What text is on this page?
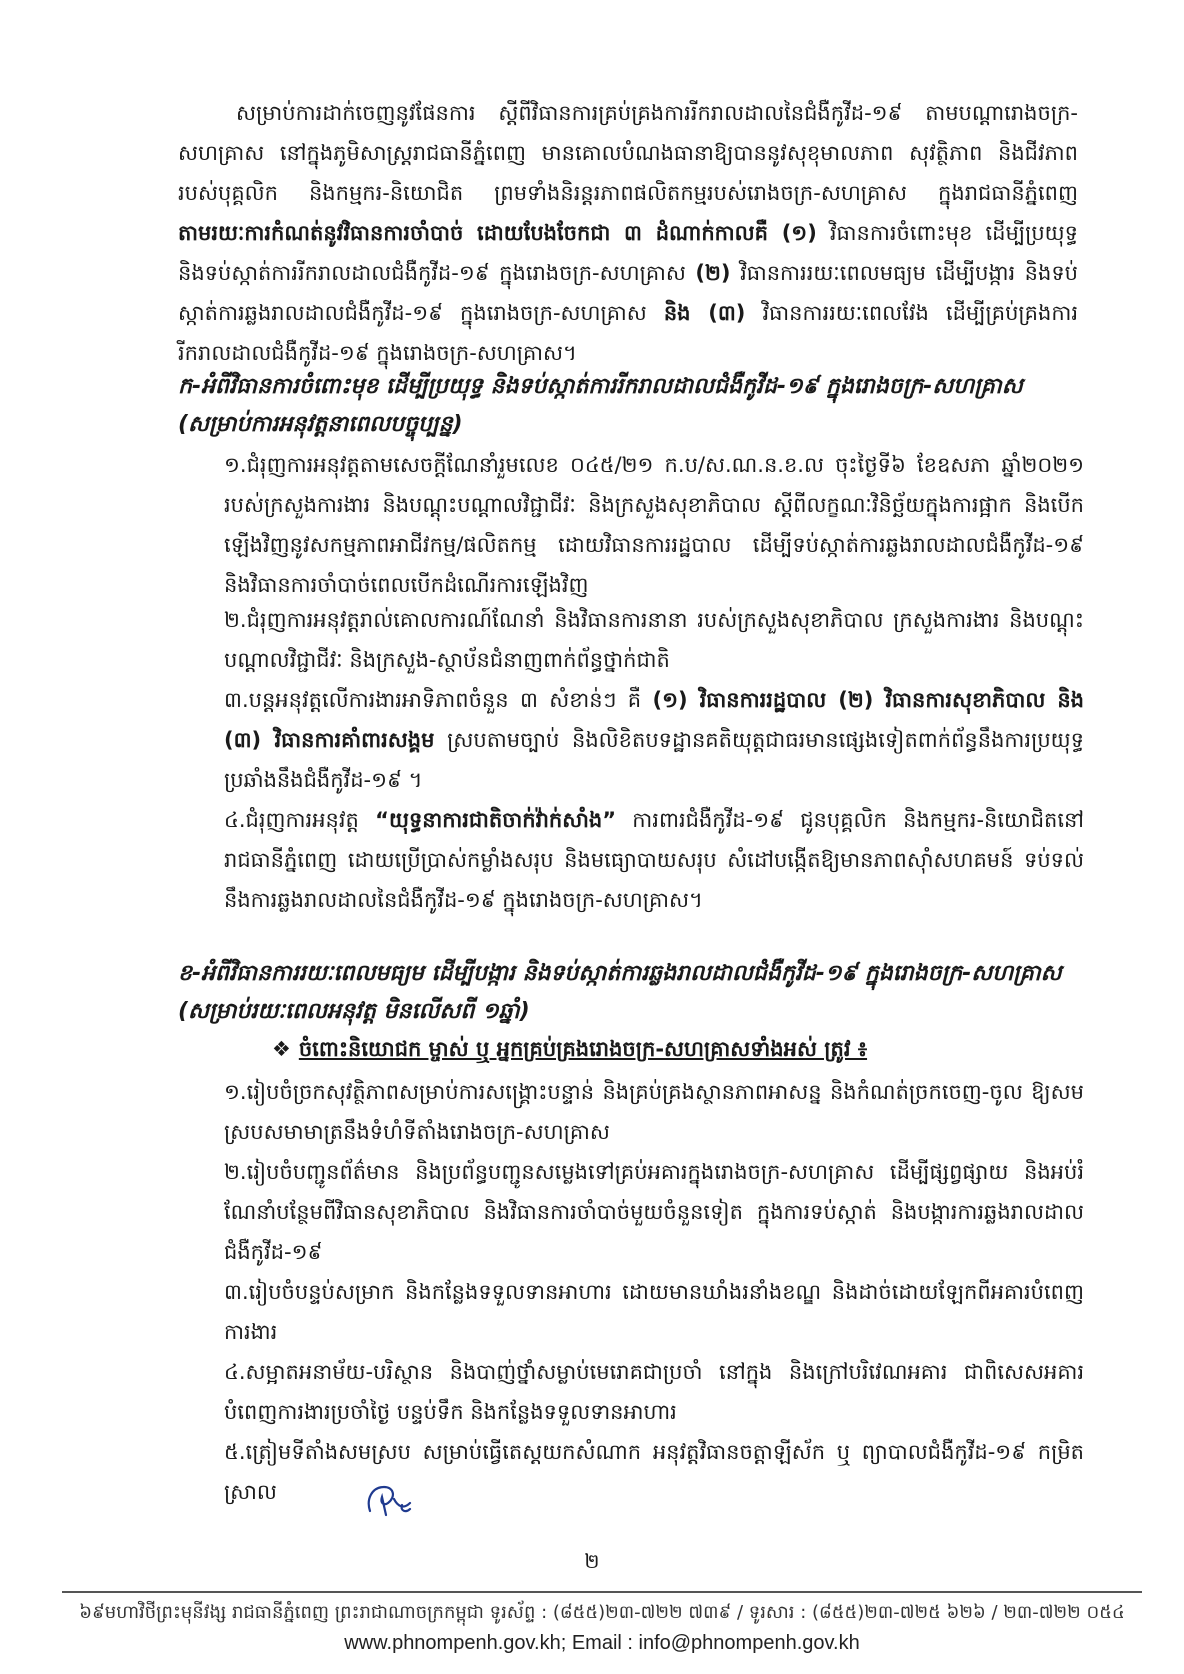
សម្រាប់ការដាក់ចេញនូវផែនការ ស្តីពីវិធានការគ្រប់គ្រងការរីករាលដាលនៃជំងឺកូវីដ-១៩ តាមបណ្តារោងចក្រ-សហគ្រាស នៅក្នុងភូមិសាស្ត្ររាជធានីភ្នំពេញ មានគោលបំណងធានាឱ្យបាននូវសុខុមាលភាព សុវត្ថិភាព និងជីវភាពរបស់បុគ្គលិក និងកម្មករ-និយោជិត ព្រមទាំងនិរន្តរភាពផលិតកម្មរបស់រោងចក្រ-សហគ្រាស ក្នុងរាជធានីភ្នំពេញ តាមរយៈការកំណត់នូវវិធានការចាំបាច់ ដោយបែងចែកជា ៣ ដំណាក់កាលគឺ (១) វិធានការចំពោះមុខ ដើម្បីប្រយុទ្ធ និងទប់ស្កាត់ការរីករាលដាលជំងឺកូវីដ-១៩ ក្នុងរោងចក្រ-សហគ្រាស (២) វិធានការរយៈពេលមធ្យម ដើម្បីបង្ការ និងទប់ស្កាត់ការឆ្លងរាលដាលជំងឺកូវីដ-១៩ ក្នុងរោងចក្រ-សហគ្រាស និង (៣) វិធានការរយៈពេលវែង ដើម្បីគ្រប់គ្រងការរីករាលដាលជំងឺកូវីដ-១៩ ក្នុងរោងចក្រ-សហគ្រាស។
ក-អំពីវិធានការចំពោះមុខ ដើម្បីប្រយុទ្ធ និងទប់ស្កាត់ការរីករាលដាលជំងឺកូវីដ-១៩ ក្នុងរោងចក្រ-សហគ្រាស
(សម្រាប់ការអនុវត្តនាពេលបច្ចុប្បន្ន)
១.ជំរុញការអនុវត្តតាមសេចក្តីណែនាំរួមលេខ ០៤៥/២១ ក.ប/ស.ណ.ន.ខ.ល ចុះថ្ងៃទី៦ ខែឧសភា ឆ្នាំ២០២១ របស់ក្រសួងការងារ និងបណ្តុះបណ្តាលវិជ្ជាជីវៈ និងក្រសួងសុខាភិបាល ស្តីពីលក្ខណៈវិនិច្ឆ័យក្នុងការផ្អាក និងបើកឡើងវិញនូវសកម្មភាពអាជីវកម្ម/ផលិតកម្ម ដោយវិធានការរដ្ឋបាល ដើម្បីទប់ស្កាត់ការឆ្លងរាលដាលជំងឺកូវីដ-១៩ និងវិធានការចាំបាច់ពេលបើកដំណើរការឡើងវិញ
២.ជំរុញការអនុវត្តរាល់គោលការណ៍ណែនាំ និងវិធានការនានា របស់ក្រសួងសុខាភិបាល ក្រសួងការងារ និងបណ្តុះបណ្តាលវិជ្ជាជីវៈ និងក្រសួង-ស្ថាប័នជំនាញពាក់ព័ន្ធថ្នាក់ជាតិ
៣.បន្តអនុវត្តលើការងារអាទិភាពចំនួន ៣ សំខាន់ៗ គឺ (១) វិធានការរដ្ឋបាល (២) វិធានការសុខាភិបាល និង (៣) វិធានការគាំពារសង្គម ស្របតាមច្បាប់ និងលិខិតបទដ្ឋានគតិយុត្តជាធរមានផ្សេងទៀតពាក់ព័ន្ធនឹងការប្រយុទ្ធប្រឆាំងនឹងជំងឺកូវីដ-១៩ ។
៤.ជំរុញការអនុវត្ត “យុទ្ធនាការជាតិចាក់វ៉ាក់សាំង” ការពារជំងឺកូវីដ-១៩ ជូនបុគ្គលិក និងកម្មករ-និយោជិតនៅរាជធានីភ្នំពេញ ដោយប្រើប្រាស់កម្លាំងសរុប និងមធ្យោបាយសរុប សំដៅបង្កើតឱ្យមានភាពស៊ាំសហគមន៍ ទប់ទល់នឹងការឆ្លងរាលដាលនៃជំងឺកូវីដ-១៩ ក្នុងរោងចក្រ-សហគ្រាស។
ខ-អំពីវិធានការរយៈពេលមធ្យម ដើម្បីបង្ការ និងទប់ស្កាត់ការឆ្លងរាលដាលជំងឺកូវីដ-១៩ ក្នុងរោងចក្រ-សហគ្រាស
(សម្រាប់រយៈពេលអនុវត្ត មិនលើសពី ១ឆ្នាំ)
❖ ចំពោះនិយោជក ម្ចាស់ ឬ អ្នកគ្រប់គ្រងរោងចក្រ-សហគ្រាសទាំងអស់ ត្រូវ ៖
១.រៀបចំច្រកសុវត្ថិភាពសម្រាប់ការសង្គ្រោះបន្ទាន់ និងគ្រប់គ្រងស្ថានភាពអាសន្ន និងកំណត់ច្រកចេញ-ចូល ឱ្យសមស្របសមាមាត្រនឹងទំហំទីតាំងរោងចក្រ-សហគ្រាស
២.រៀបចំបញ្ជូនព័ត៌មាន និងប្រព័ន្ធបញ្ជូនសម្លេងទៅគ្រប់អគារក្នុងរោងចក្រ-សហគ្រាស ដើម្បីផ្សព្វផ្សាយ និងអប់រំណែនាំបន្ថែមពីវិធានសុខាភិបាល និងវិធានការចាំបាច់មួយចំនួនទៀត ក្នុងការទប់ស្កាត់ និងបង្ការការឆ្លងរាលដាលជំងឺកូវីដ-១៩
៣.រៀបចំបន្ទប់សម្រាក និងកន្លែងទទួលទានអាហារ ដោយមានឃាំងរនាំងខណ្ឌ និងដាច់ដោយឡែកពីអគារបំពេញការងារ
៤.សម្អាតអនាម័យ-បរិស្ថាន និងបាញ់ថ្នាំសម្លាប់មេរោគជាប្រចាំ នៅក្នុង និងក្រៅបរិវេណអគារ ជាពិសេសអគារបំពេញការងារប្រចាំថ្ងៃ បន្ទប់ទឹក និងកន្លែងទទួលទានអាហារ
៥.ត្រៀមទីតាំងសមស្រប សម្រាប់ធ្វើតេស្តយកសំណាក អនុវត្តវិធានចត្តាឡីស័ក ឬ ព្យាបាលជំងឺកូវីដ-១៩ កម្រិតស្រាល
២
៦៩មហាវិថីព្រះមុនីវង្ស រាជធានីភ្នំពេញ ព្រះរាជាណាចក្រកម្ពុជា ទូរស័ព្ទ : (៨៥៥)២៣-៧២២ ៧៣៩ / ទូរសារ : (៨៥៥)២៣-៧២៥ ៦២៦ / ២៣-៧២២ ០៥៤
www.phnompenh.gov.kh; Email : info@phnompenh.gov.kh
